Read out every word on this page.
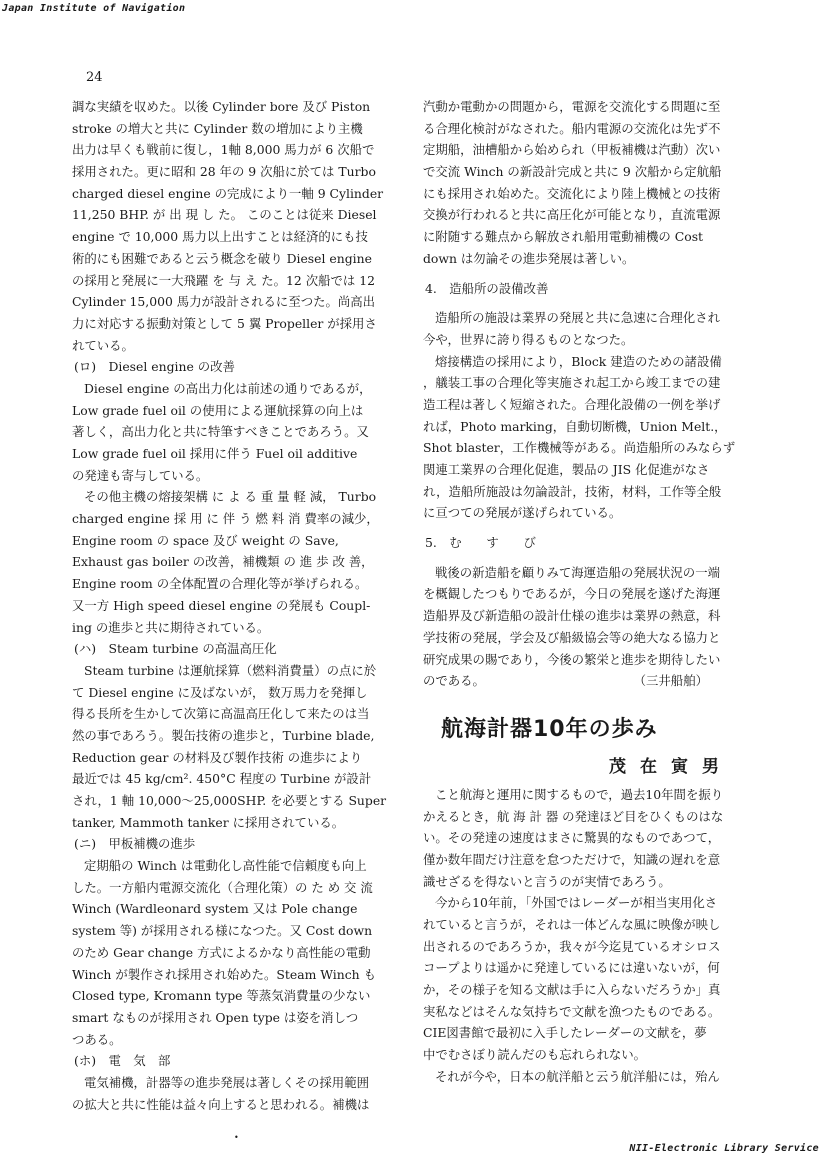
Japan Institute of Navigation
24
調な実績を収めた。以後 Cylinder bore 及び Piston
stroke の増大と共に Cylinder 数の増加により主機
出力は早くも戦前に復し，1軸 8,000 馬力が 6 次船で
採用された。更に昭和 28 年の 9 次船に於ては Turbo
charged diesel engine の完成により一軸 9 Cylinder
11,250 BHP. が 出 現 し た。 このことは従来 Diesel
engine で 10,000 馬力以上出すことは経済的にも技
術的にも困難であると云う概念を破り Diesel engine
の採用と発展に一大飛躍 を 与 え た。12 次船では 12
Cylinder 15,000 馬力が設計されるに至つた。尚高出
力に対応する振動対策として 5 翼 Propeller が採用さ
れている。
(ロ)　Diesel engine の改善
Diesel engine の高出力化は前述の通りであるが，
Low grade fuel oil の使用による運航採算の向上は
著しく，高出力化と共に特筆すべきことであろう。又
Low grade fuel oil 採用に伴う Fuel oil additive
の発達も寄与している。
その他主機の熔接架構 に よ る 重 量 軽 減， Turbo
charged engine 採 用 に 伴 う 燃 料 消 費率の減少，
Engine room の space 及び weight の Save,
Exhaust gas boiler の改善，補機類 の 進 歩 改 善，
Engine room の全体配置の合理化等が挙げられる。
又一方 High speed diesel engine の発展も Coupl-
ing の進歩と共に期待されている。
(ハ)　Steam turbine の高温高圧化
Steam turbine は運航採算（燃料消費量）の点に於
て Diesel engine に及ばないが， 数万馬力を発揮し
得る長所を生かして次第に高温高圧化して来たのは当
然の事であろう。製缶技術の進歩と，Turbine blade,
Reduction gear の材料及び製作技術 の進歩により
最近では 45 kg/cm². 450°C 程度の Turbine が設計
され，1 軸 10,000〜25,000SHP. を必要とする Super
tanker, Mammoth tanker に採用されている。
(ニ)　甲板補機の進歩
定期船の Winch は電動化し高性能で信頼度も向上
した。一方船内電源交流化（合理化策）の た め 交 流
Winch (Wardleonard system 又は Pole change
system 等) が採用される様になつた。又 Cost down
のため Gear change 方式によるかなり高性能の電動
Winch が製作され採用され始めた。Steam Winch も
Closed type, Kromann type 等蒸気消費量の少ない
smart なものが採用され Open type は姿を消しつ
つある。
(ホ)　電　気　部
電気補機，計器等の進歩発展は著しくその採用範囲
の拡大と共に性能は益々向上すると思われる。補機は
汽動か電動かの問題から，電源を交流化する問題に至
る合理化検討がなされた。船内電源の交流化は先ず不
定期船，油槽船から始められ（甲板補機は汽動）次い
で交流 Winch の新設計完成と共に 9 次船から定航船
にも採用され始めた。交流化により陸上機械との技術
交換が行われると共に高圧化が可能となり，直流電源
に附随する難点から解放され船用電動補機の Cost
down は勿論その進歩発展は著しい。
4.　造船所の設備改善
造船所の施設は業界の発展と共に急速に合理化され
今や，世界に誇り得るものとなつた。
熔接構造の採用により，Block 建造のための諸設備
，艤装工事の合理化等実施され起工から竣工までの建
造工程は著しく短縮された。合理化設備の一例を挙げ
れば，Photo marking，自動切断機，Union Melt.，
Shot blaster，工作機械等がある。尚造船所のみならず
関連工業界の合理化促進，製品の JIS 化促進がなさ
れ，造船所施設は勿論設計，技術，材料，工作等全般
に亘つての発展が遂げられている。
5.　む　　す　　び
戦後の新造船を顧りみて海運造船の発展状況の一端
を概観したつもりであるが，今日の発展を遂げた海運
造船界及び新造船の設計仕様の進歩は業界の熱意，科
学技術の発展，学会及び船級協会等の絶大なる協力と
研究成果の賜であり，今後の繁栄と進歩を期待したい
のである。　　　　　　　　　　　　　（三井船舶）
航海計器10年の歩み
茂在寅男
こと航海と運用に関するもので，過去10年間を振り
かえるとき，航 海 計 器 の発達ほど目をひくものはな
い。その発達の速度はまさに驚異的なものであつて，
僅か数年間だけ注意を怠つただけで，知識の遅れを意
識せざるを得ないと言うのが実情であろう。
今から10年前，「外国ではレーダーが相当実用化さ
れていると言うが，それは一体どんな風に映像が映し
出されるのであろうか，我々が今迄見ているオシロス
コープよりは遥かに発達しているには違いないが，何
か，その様子を知る文献は手に入らないだろうか」真
実私などはそんな気持ちで文献を漁つたものである。
CIE図書館で最初に入手したレーダーの文献を，夢
中でむさぼり読んだのも忘れられない。
それが今や，日本の航洋船と云う航洋船には，殆ん
•
NII-Electronic Library Service
